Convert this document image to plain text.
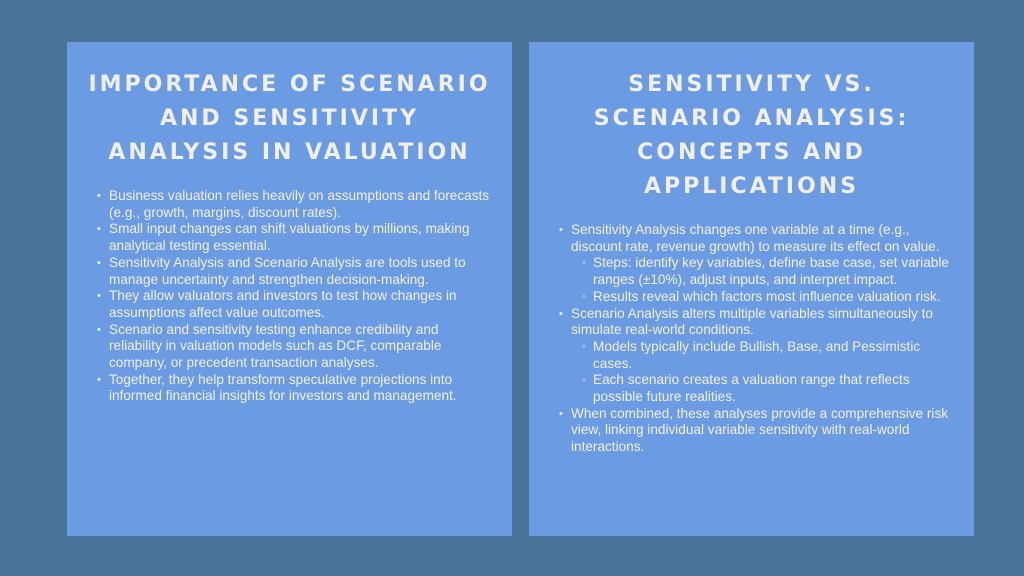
IMPORTANCE OF SCENARIO AND SENSITIVITY ANALYSIS IN VALUATION
• Business valuation relies heavily on assumptions and forecasts (e.g., growth, margins, discount rates).
• Small input changes can shift valuations by millions, making analytical testing essential.
• Sensitivity Analysis and Scenario Analysis are tools used to manage uncertainty and strengthen decision-making.
• They allow valuators and investors to test how changes in assumptions affect value outcomes.
• Scenario and sensitivity testing enhance credibility and reliability in valuation models such as DCF, comparable company, or precedent transaction analyses.
• Together, they help transform speculative projections into informed financial insights for investors and management.
SENSITIVITY VS. SCENARIO ANALYSIS: CONCEPTS AND APPLICATIONS
• Sensitivity Analysis changes one variable at a time (e.g., discount rate, revenue growth) to measure its effect on value.
◦ Steps: identify key variables, define base case, set variable ranges (±10%), adjust inputs, and interpret impact.
◦ Results reveal which factors most influence valuation risk.
• Scenario Analysis alters multiple variables simultaneously to simulate real-world conditions.
◦ Models typically include Bullish, Base, and Pessimistic cases.
◦ Each scenario creates a valuation range that reflects possible future realities.
• When combined, these analyses provide a comprehensive risk view, linking individual variable sensitivity with real-world interactions.
